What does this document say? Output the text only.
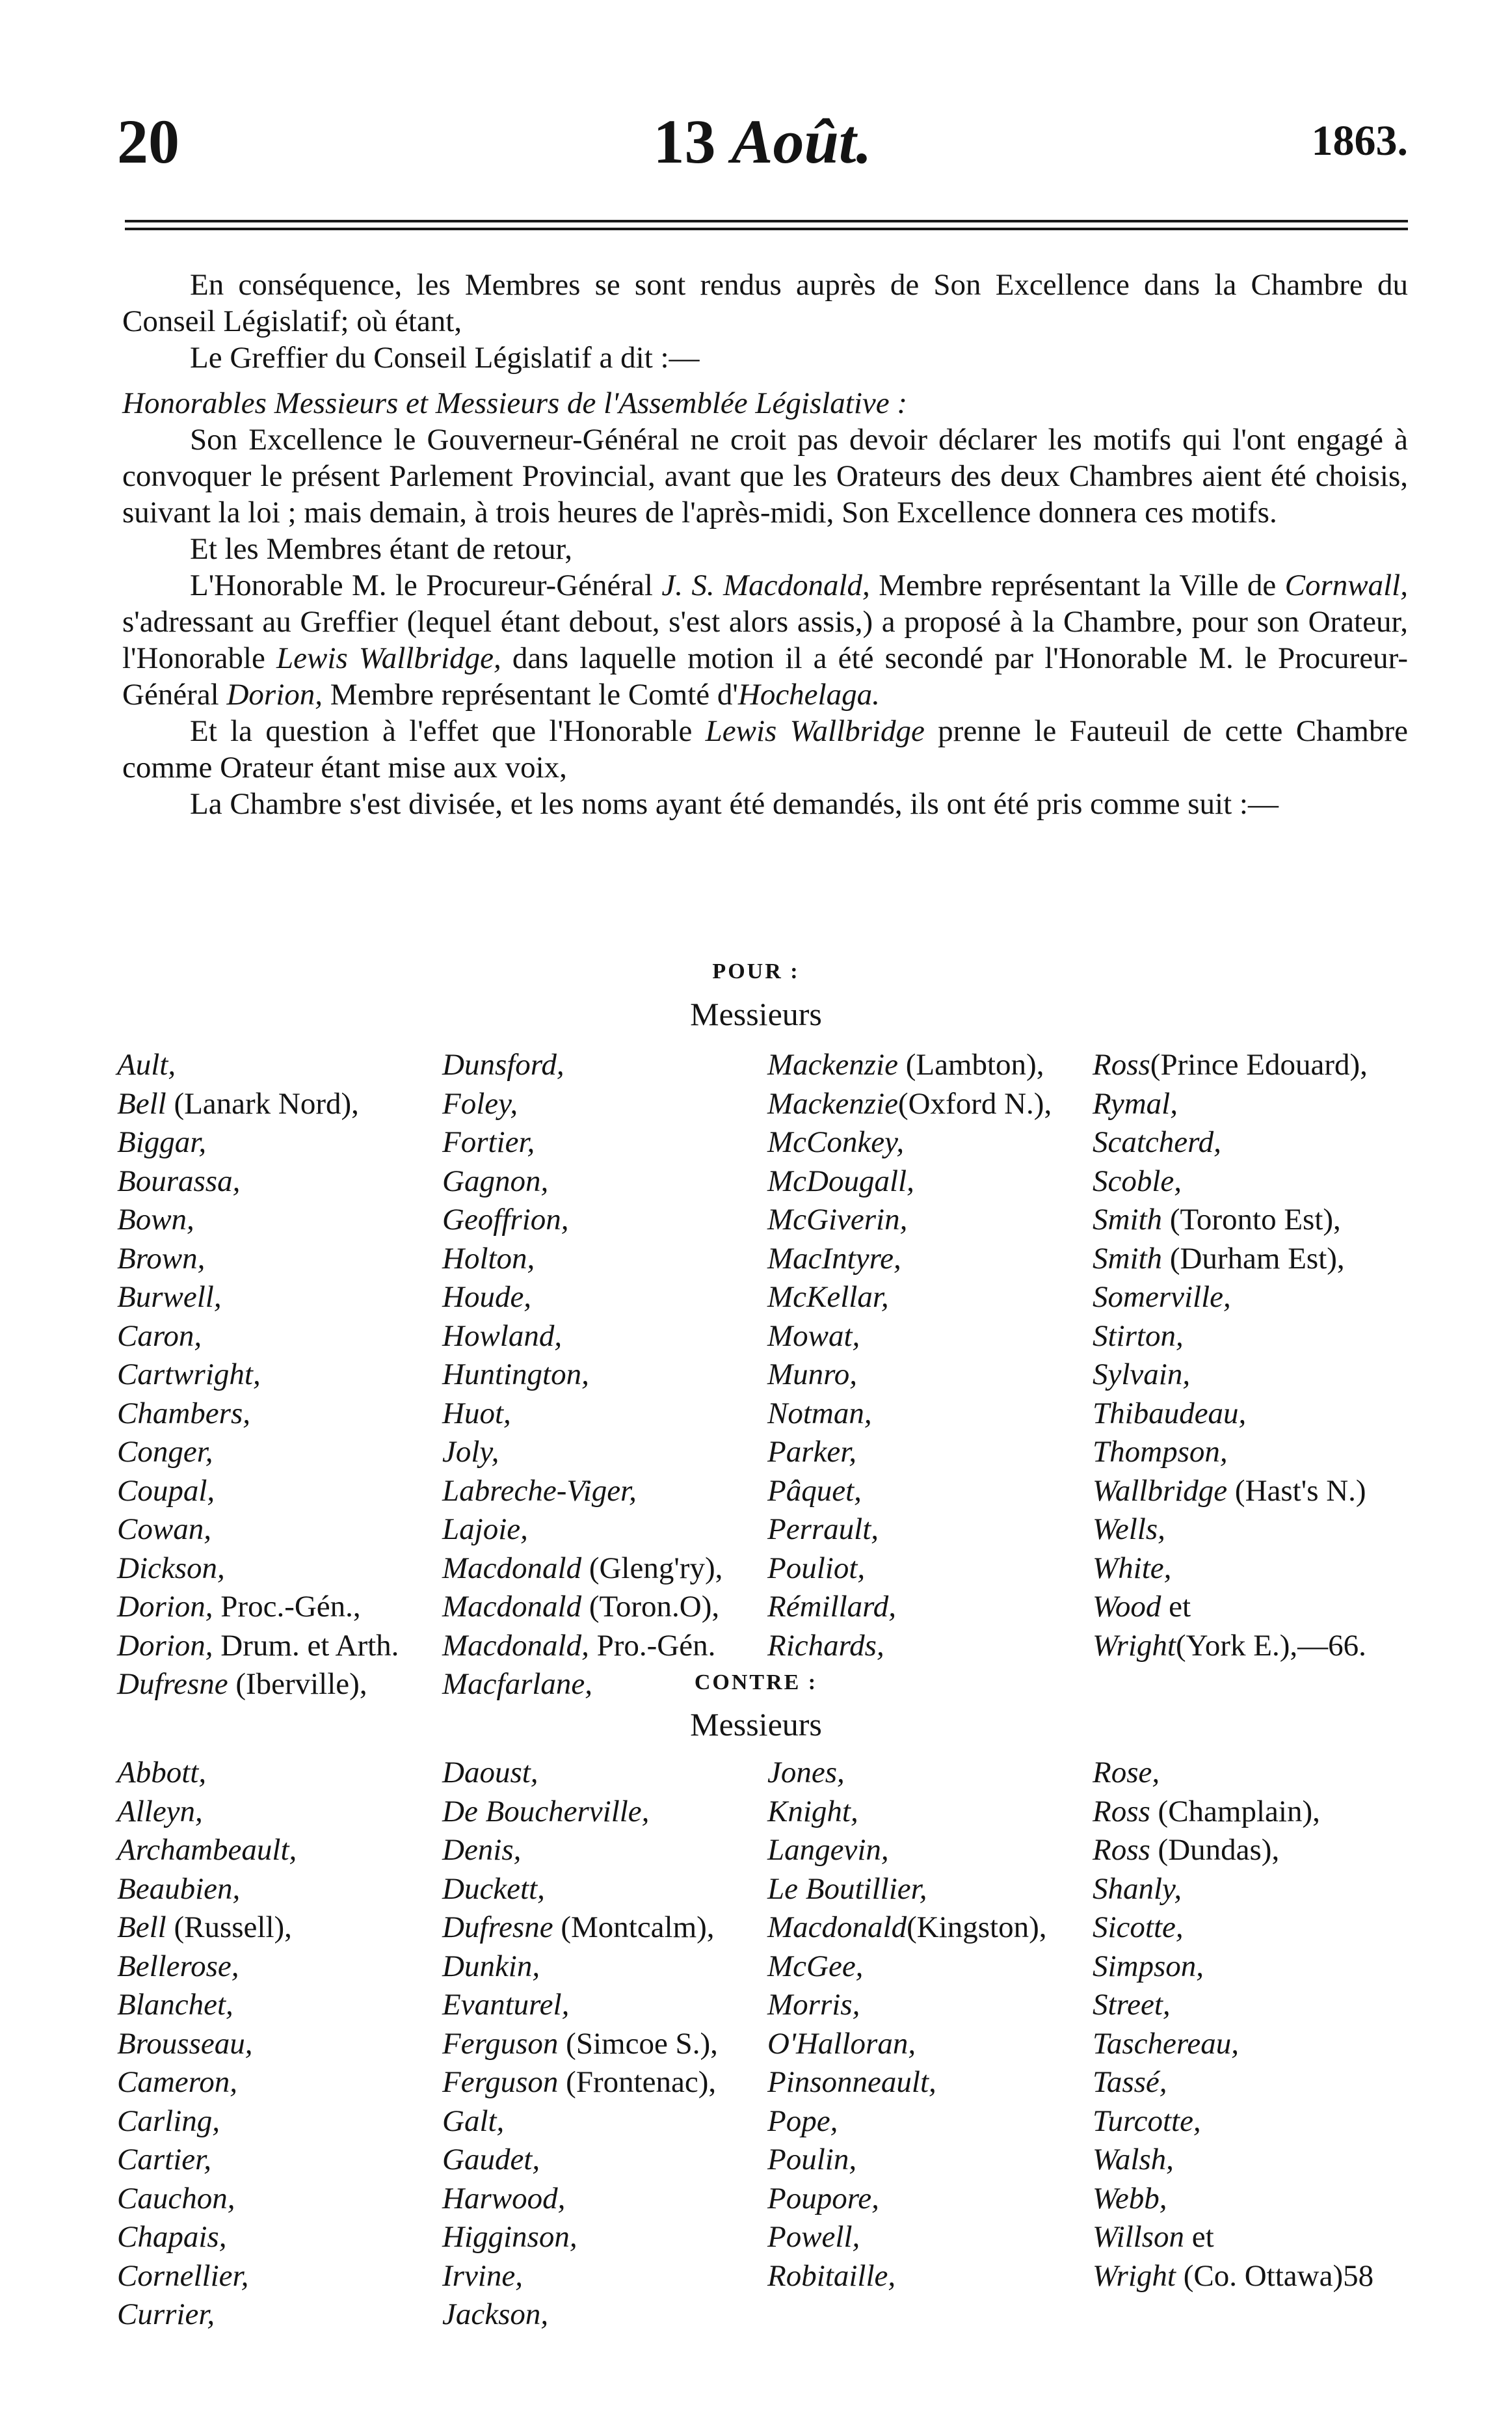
20	13 Août.	1863.

En conséquence, les Membres se sont rendus auprès de Son Excellence dans la Chambre du Conseil Législatif; où étant,

Le Greffier du Conseil Législatif a dit :—

Honorables Messieurs et Messieurs de l'Assemblée Législative :

Son Excellence le Gouverneur-Général ne croit pas devoir déclarer les motifs qui l'ont engagé à convoquer le présent Parlement Provincial, avant que les Orateurs des deux Chambres aient été choisis, suivant la loi ; mais demain, à trois heures de l'après-midi, Son Excellence donnera ces motifs.

Et les Membres étant de retour,

L'Honorable M. le Procureur-Général J. S. Macdonald, Membre représentant la Ville de Cornwall, s'adressant au Greffier (lequel étant debout, s'est alors assis,) a proposé à la Chambre, pour son Orateur, l'Honorable Lewis Wallbridge, dans laquelle motion il a été secondé par l'Honorable M. le Procureur-Général Dorion, Membre représentant le Comté d'Hochelaga.

Et la question à l'effet que l'Honorable Lewis Wallbridge prenne le Fauteuil de cette Chambre comme Orateur étant mise aux voix,

La Chambre s'est divisée, et les noms ayant été demandés, ils ont été pris comme suit :—

POUR :
Messieurs
Ault,
Bell (Lanark Nord),
Biggar,
Bourassa,
Bown,
Brown,
Burwell,
Caron,
Cartwright,
Chambers,
Conger,
Coupal,
Cowan,
Dickson,
Dorion, Proc.-Gén.,
Dorion, Drum. et Arth.
Dufresne (Iberville),
Dunsford,
Foley,
Fortier,
Gagnon,
Geoffrion,
Holton,
Houde,
Howland,
Huntington,
Huot,
Joly,
Labreche-Viger,
Lajoie,
Macdonald (Gleng'ry),
Macdonald (Toron.O),
Macdonald, Pro.-Gén.
Macfarlane,
Mackenzie (Lambton),
Mackenzie(Oxford N.),
McConkey,
McDougall,
McGiverin,
MacIntyre,
McKellar,
Mowat,
Munro,
Notman,
Parker,
Pâquet,
Perrault,
Pouliot,
Rémillard,
Richards,
Ross(Prince Edouard),
Rymal,
Scatcherd,
Scoble,
Smith (Toronto Est),
Smith (Durham Est),
Somerville,
Stirton,
Sylvain,
Thibaudeau,
Thompson,
Wallbridge (Hast's N.)
Wells,
White,
Wood et
Wright(York E.),—66.
CONTRE :
Messieurs
Abbott,
Alleyn,
Archambeault,
Beaubien,
Bell (Russell),
Bellerose,
Blanchet,
Brousseau,
Cameron,
Carling,
Cartier,
Cauchon,
Chapais,
Cornellier,
Currier,
Daoust,
De Boucherville,
Denis,
Duckett,
Dufresne (Montcalm),
Dunkin,
Evanturel,
Ferguson (Simcoe S.),
Ferguson (Frontenac),
Galt,
Gaudet,
Harwood,
Higginson,
Irvine,
Jackson,
Jones,
Knight,
Langevin,
Le Boutillier,
Macdonald(Kingston),
McGee,
Morris,
O'Halloran,
Pinsonneault,
Pope,
Poulin,
Poupore,
Powell,
Robitaille,
Rose,
Ross (Champlain),
Ross (Dundas),
Shanly,
Sicotte,
Simpson,
Street,
Taschereau,
Tassé,
Turcotte,
Walsh,
Webb,
Willson et
Wright (Co. Ottawa)58
